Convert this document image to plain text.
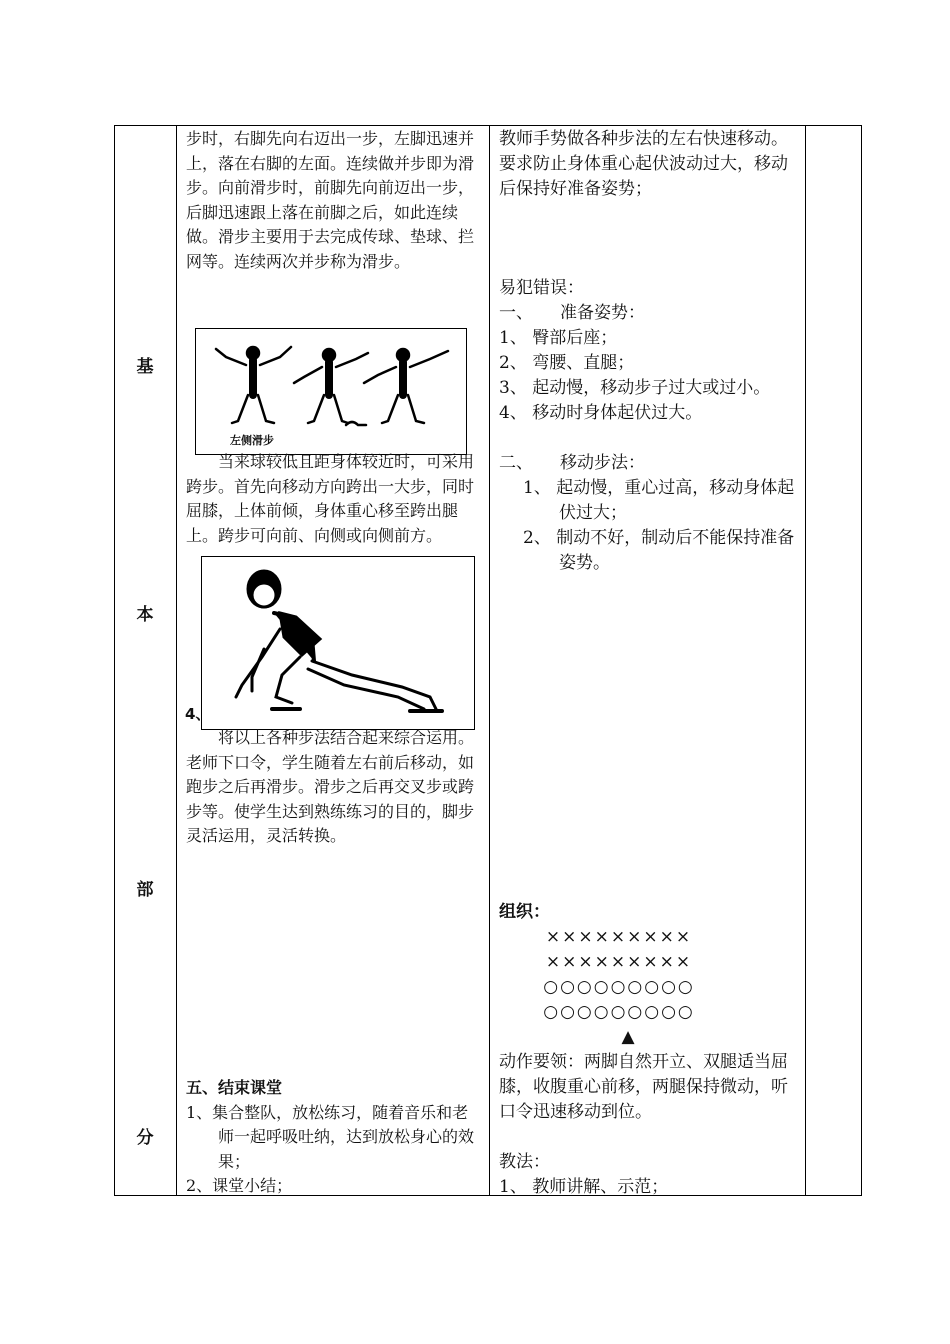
基
本
部
分

步时，右脚先向右迈出一步，左脚迅速并上，落在右脚的左面。连续做并步即为滑步。向前滑步时，前脚先向前迈出一步，后脚迅速跟上落在前脚之后，如此连续做。滑步主要用于去完成传球、垫球、拦网等。连续两次并步称为滑步。

左侧滑步

当来球较低且距身体较近时，可采用跨步。首先向移动方向跨出一大步，同时屈膝，上体前倾，身体重心移至跨出腿上。跨步可向前、向侧或向侧前方。

4、

将以上各种步法结合起来综合运用。老师下口令，学生随着左右前后移动，如跑步之后再滑步。滑步之后再交叉步或跨步等。使学生达到熟练练习的目的，脚步灵活运用，灵活转换。

五、结束课堂

1、集合整队，放松练习，随着音乐和老师一起呼吸吐纳，达到放松身心的效果；

2、课堂小结；

教师手势做各种步法的左右快速移动。要求防止身体重心起伏波动过大，移动后保持好准备姿势；

易犯错误：

一、     准备姿势：

1、 臀部后座；

2、 弯腰、直腿；

3、 起动慢，移动步子过大或过小。

4、 移动时身体起伏过大。

二、     移动步法：

1、 起动慢，重心过高，移动身体起伏过大；

2、 制动不好，制动后不能保持准备姿势。

组织：

×××××××××

×××××××××

○○○○○○○○○

○○○○○○○○○

▲

动作要领：两脚自然开立、双腿适当屈膝，收腹重心前移，两腿保持微动，听口令迅速移动到位。

教法：

1、 教师讲解、示范；
